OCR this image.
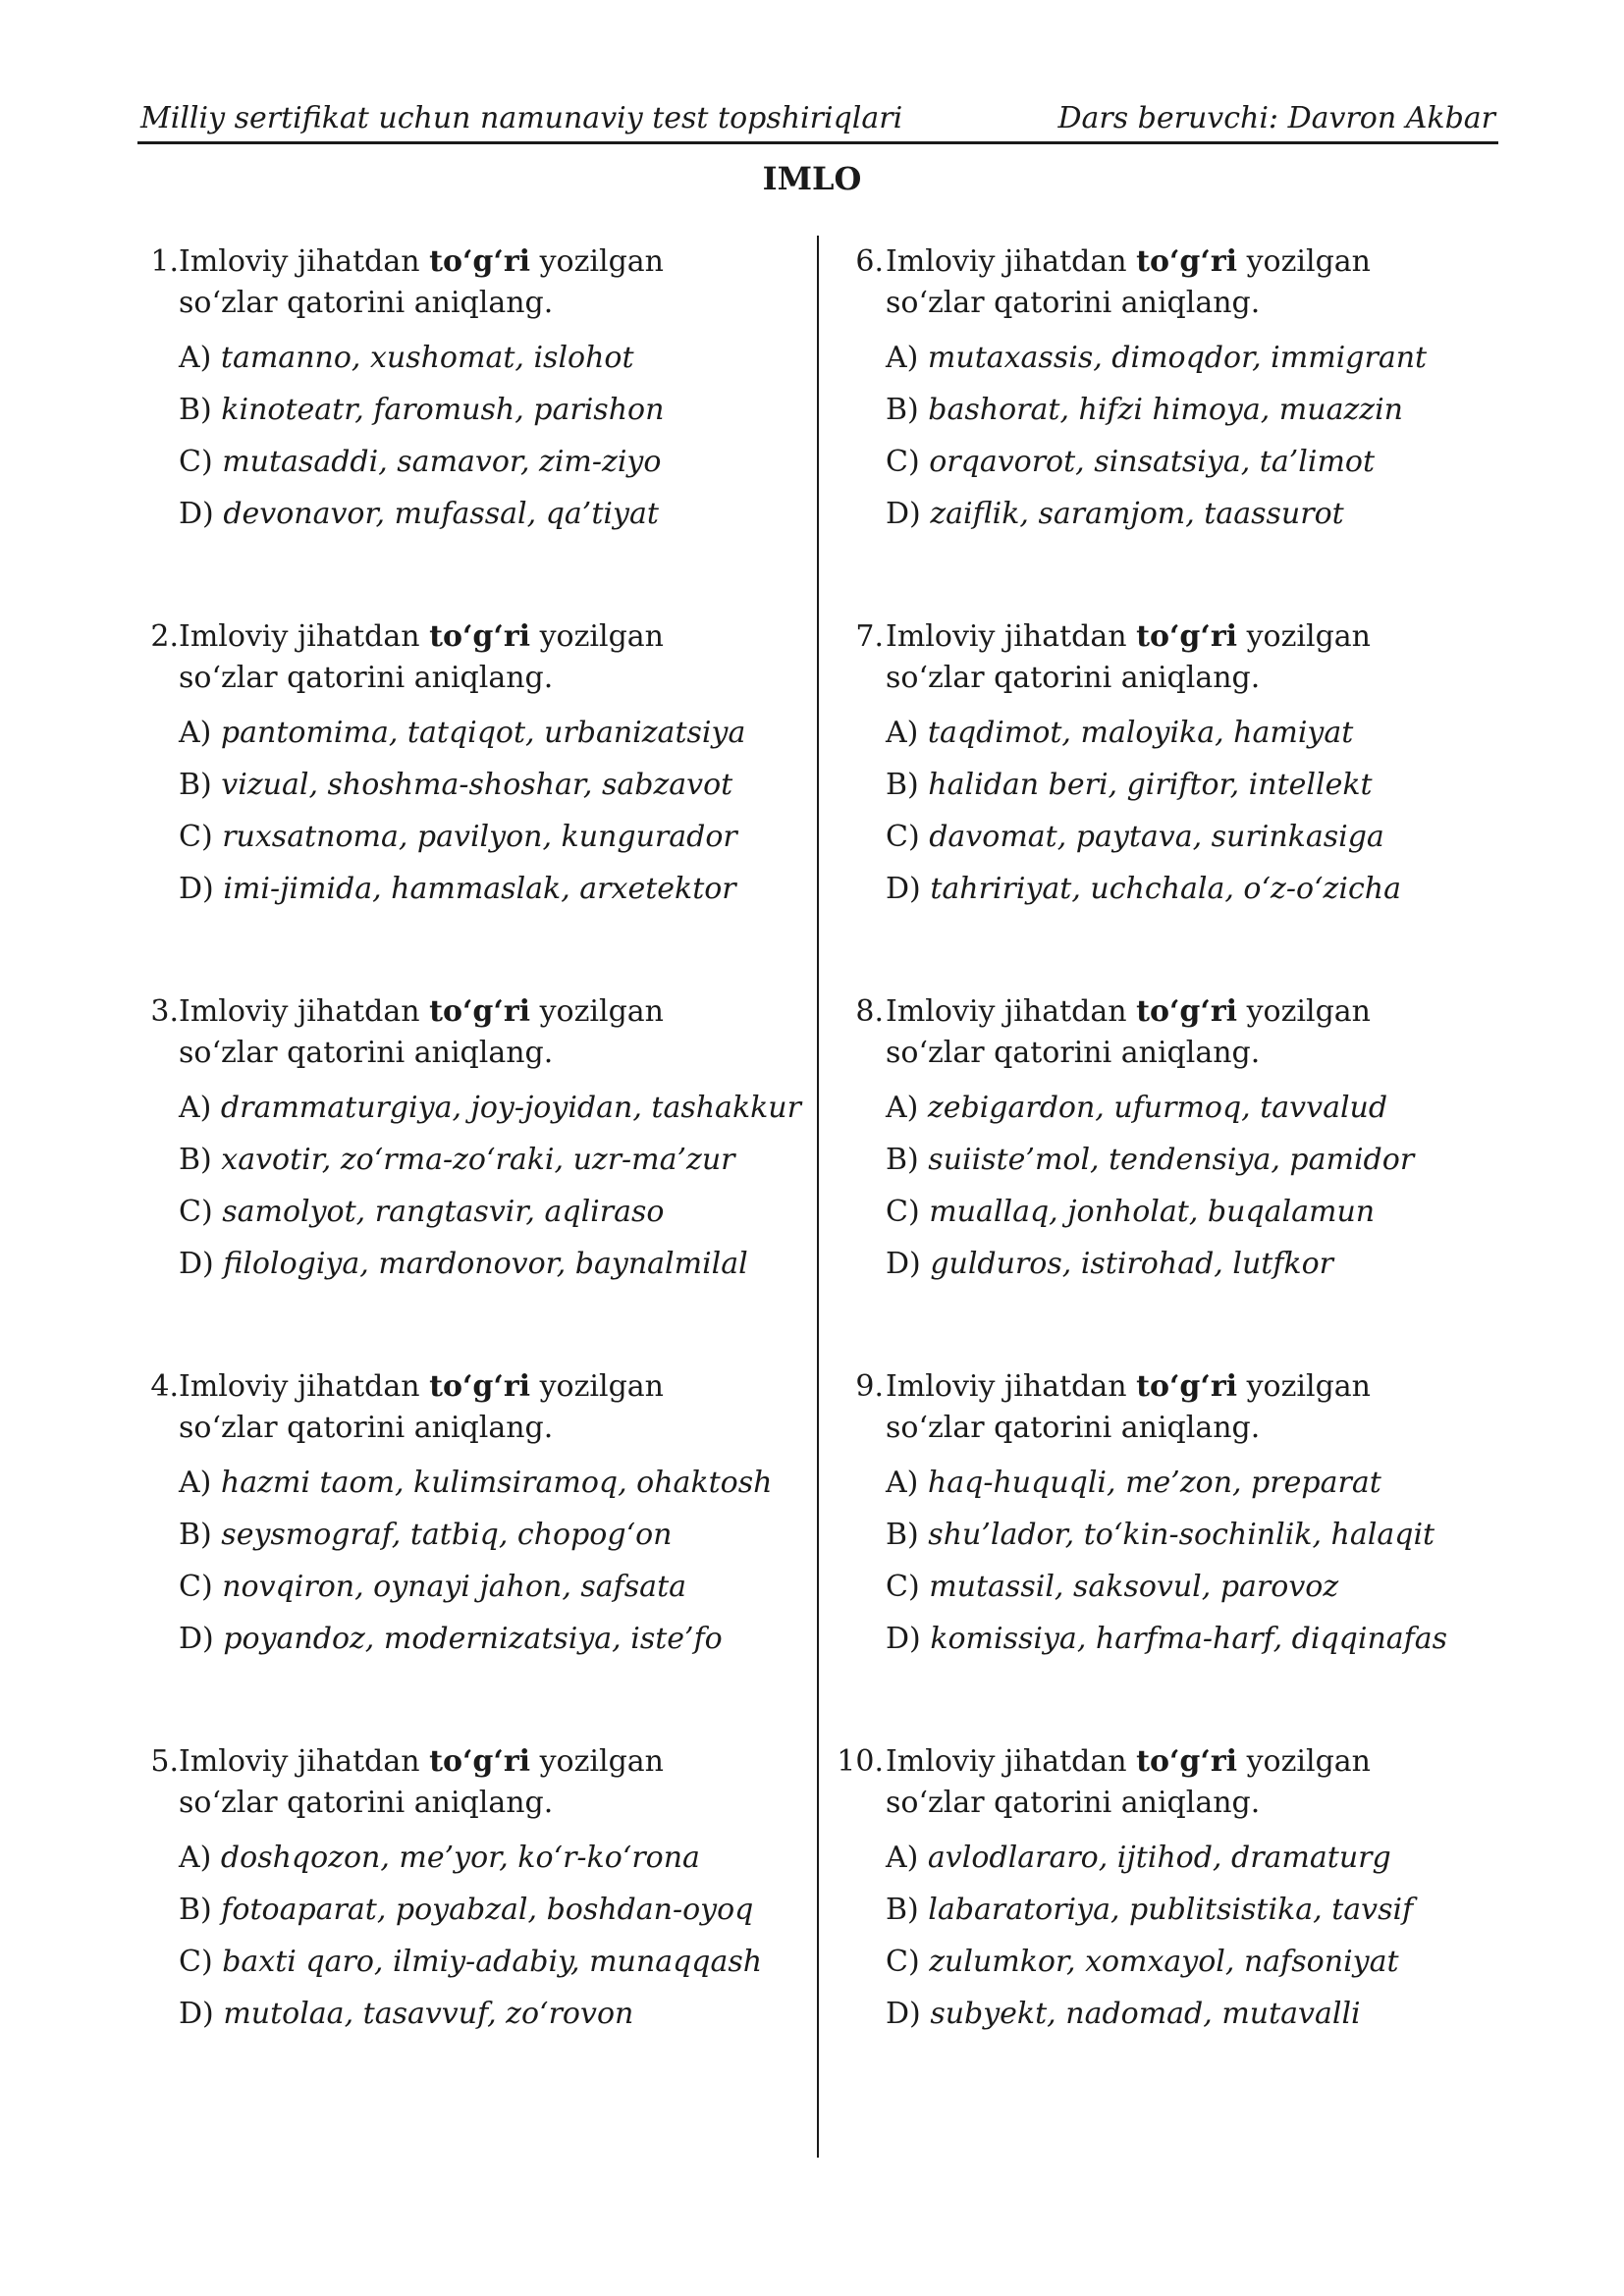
Milliy sertifikat uchun namunaviy test topshiriqlari	Dars beruvchi: Davron Akbar
IMLO
1. Imloviy jihatdan to‘g‘ri yozilgan so‘zlar qatorini aniqlang.
A) tamanno, xushomat, islohot
B) kinoteatr, faromush, parishon
C) mutasaddi, samavor, zim-ziyo
D) devonavor, mufassal, qa’tiyat
2. Imloviy jihatdan to‘g‘ri yozilgan so‘zlar qatorini aniqlang.
A) pantomima, tatqiqot, urbanizatsiya
B) vizual, shoshma-shoshar, sabzavot
C) ruxsatnoma, pavilyon, kungurador
D) imi-jimida, hammaslak, arxetektor
3. Imloviy jihatdan to‘g‘ri yozilgan so‘zlar qatorini aniqlang.
A) drammaturgiya, joy-joyidan, tashakkur
B) xavotir, zo‘rma-zo‘raki, uzr-ma’zur
C) samolyot, rangtasvir, aqliraso
D) filologiya, mardonovor, baynalmilal
4. Imloviy jihatdan to‘g‘ri yozilgan so‘zlar qatorini aniqlang.
A) hazmi taom, kulimsiramoq, ohaktosh
B) seysmograf, tatbiq, chopog‘on
C) novqiron, oynayi jahon, safsata
D) poyandoz, modernizatsiya, iste’fo
5. Imloviy jihatdan to‘g‘ri yozilgan so‘zlar qatorini aniqlang.
A) doshqozon, me’yor, ko‘r-ko‘rona
B) fotoaparat, poyabzal, boshdan-oyoq
C) baxti qaro, ilmiy-adabiy, munaqqash
D) mutolaa, tasavvuf, zo‘rovon
6. Imloviy jihatdan to‘g‘ri yozilgan so‘zlar qatorini aniqlang.
A) mutaxassis, dimoqdor, immigrant
B) bashorat, hifzi himoya, muazzin
C) orqavorot, sinsatsiya, ta’limot
D) zaiflik, saramjom, taassurot
7. Imloviy jihatdan to‘g‘ri yozilgan so‘zlar qatorini aniqlang.
A) taqdimot, maloyika, hamiyat
B) halidan beri, giriftor, intellekt
C) davomat, paytava, surinkasiga
D) tahririyat, uchchala, o‘z-o‘zicha
8. Imloviy jihatdan to‘g‘ri yozilgan so‘zlar qatorini aniqlang.
A) zebigardon, ufurmoq, tavvalud
B) suiiste’mol, tendensiya, pamidor
C) muallaq, jonholat, buqalamun
D) gulduros, istirohad, lutfkor
9. Imloviy jihatdan to‘g‘ri yozilgan so‘zlar qatorini aniqlang.
A) haq-huquqli, me’zon, preparat
B) shu’lador, to‘kin-sochinlik, halaqit
C) mutassil, saksovul, parovoz
D) komissiya, harfma-harf, diqqinafas
10. Imloviy jihatdan to‘g‘ri yozilgan so‘zlar qatorini aniqlang.
A) avlodlararo, ijtihod, dramaturg
B) labaratoriya, publitsistika, tavsif
C) zulumkor, xomxayol, nafsoniyat
D) subyekt, nadomad, mutavalli
